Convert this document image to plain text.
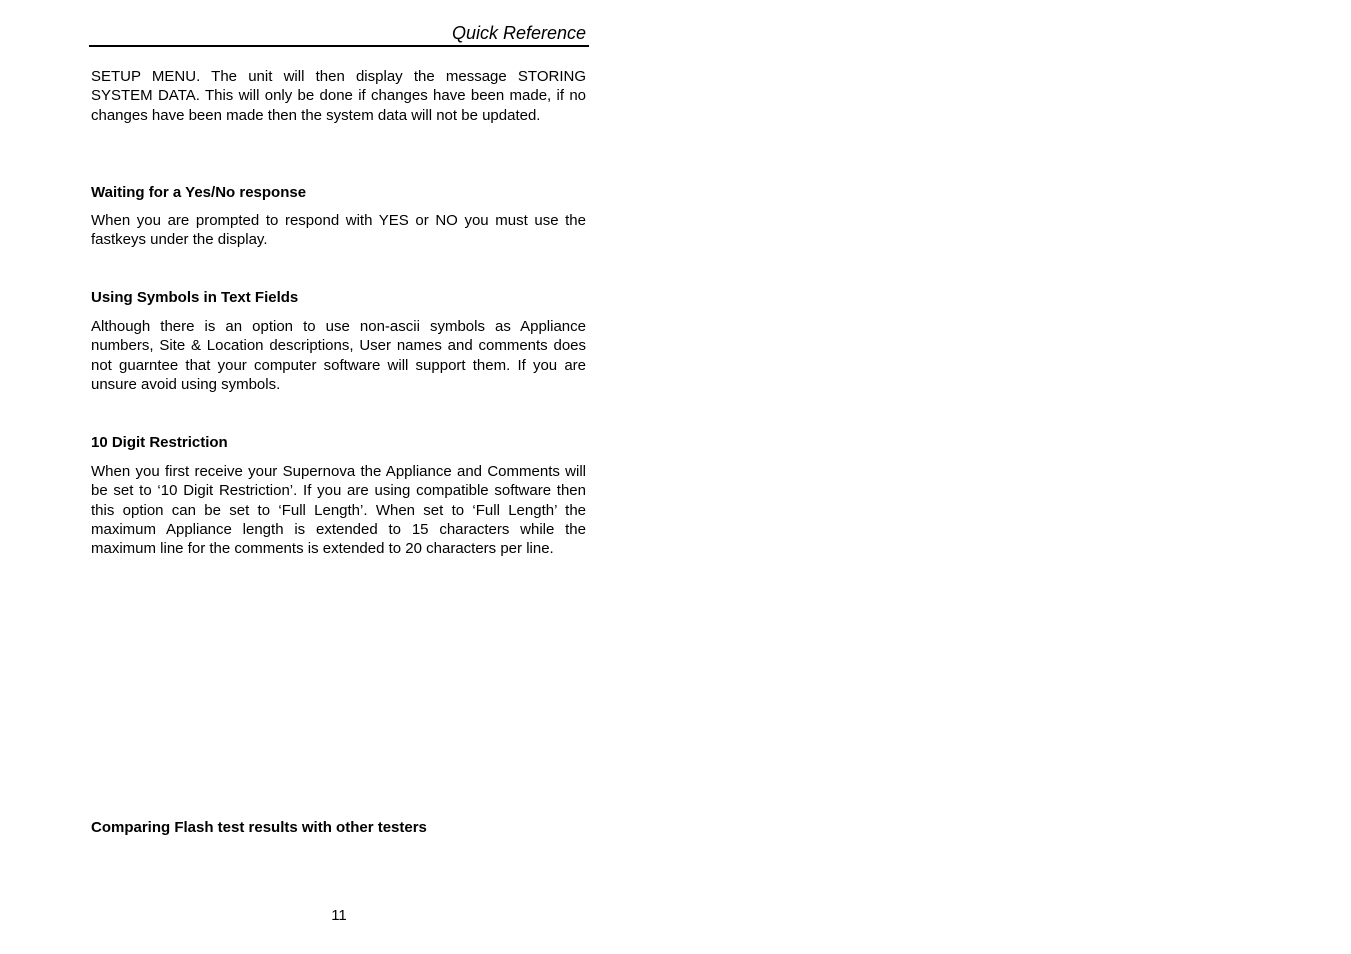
Quick Reference

SETUP MENU. The unit will then display the message STORING SYSTEM DATA. This will only be done if changes have been made, if no changes have been made then the system data will not be updated.

Waiting for a Yes/No response

When you are prompted to respond with YES or NO you must use the fastkeys under the display.

Using Symbols in Text Fields

Although there is an option to use non-ascii symbols as Appliance numbers, Site & Location descriptions, User names and comments does not guarntee that your computer software will support them. If you are unsure avoid using symbols.

10 Digit Restriction

When you first receive your Supernova the Appliance and Comments will be set to ‘10 Digit Restriction’. If you are using compatible software then this option can be set to ‘Full Length’. When set to ‘Full Length’ the maximum Appliance length is extended to 15 characters while the maximum line for the comments is extended to 20 characters per line.

Comparing Flash test results with other testers
11
